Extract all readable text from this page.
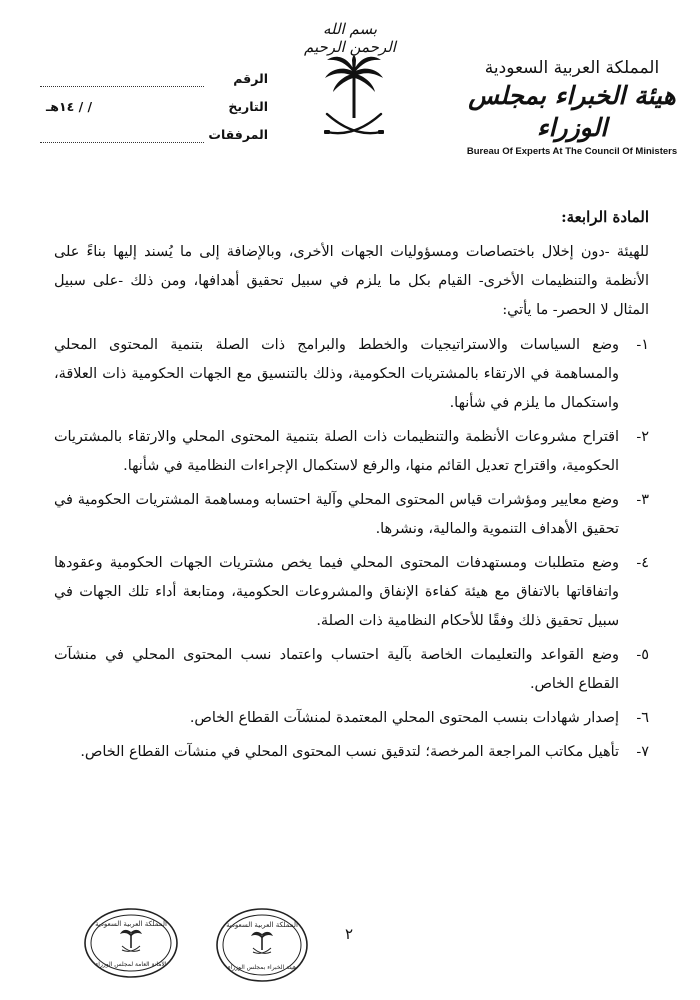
بسم الله الرحمن الرحيم
المملكة العربية السعودية
هيئة الخبراء بمجلس الوزراء
Bureau Of Experts At The Council Of Ministers
الرقم
التاريخ
/ / ١٤هـ
المرفقات
المادة الرابعة:

للهيئة -دون إخلال باختصاصات ومسؤوليات الجهات الأخرى، وبالإضافة إلى ما يُسند إليها بناءً على الأنظمة والتنظيمات الأخرى- القيام بكل ما يلزم في سبيل تحقيق أهدافها، ومن ذلك -على سبيل المثال لا الحصر- ما يأتي:

١-
وضع السياسات والاستراتيجيات والخطط والبرامج ذات الصلة بتنمية المحتوى المحلي والمساهمة في الارتقاء بالمشتريات الحكومية، وذلك بالتنسيق مع الجهات الحكومية ذات العلاقة، واستكمال ما يلزم في شأنها.
٢-
اقتراح مشروعات الأنظمة والتنظيمات ذات الصلة بتنمية المحتوى المحلي والارتقاء بالمشتريات الحكومية، واقتراح تعديل القائم منها، والرفع لاستكمال الإجراءات النظامية في شأنها.
٣-
وضع معايير ومؤشرات قياس المحتوى المحلي وآلية احتسابه ومساهمة المشتريات الحكومية في تحقيق الأهداف التنموية والمالية، ونشرها.
٤-
وضع متطلبات ومستهدفات المحتوى المحلي فيما يخص مشتريات الجهات الحكومية وعقودها واتفاقاتها بالاتفاق مع هيئة كفاءة الإنفاق والمشروعات الحكومية، ومتابعة أداء تلك الجهات في سبيل تحقيق ذلك وفقًا للأحكام النظامية ذات الصلة.
٥-
وضع القواعد والتعليمات الخاصة بآلية احتساب واعتماد نسب المحتوى المحلي في منشآت القطاع الخاص.
٦-
إصدار شهادات بنسب المحتوى المحلي المعتمدة لمنشآت القطاع الخاص.
٧-
تأهيل مكاتب المراجعة المرخصة؛ لتدقيق نسب المحتوى المحلي في منشآت القطاع الخاص.
٢
المملكة العربية السعودية
الأمانة العامة لمجلس الوزراء
المملكة العربية السعودية
هيئة الخبراء بمجلس الوزراء
